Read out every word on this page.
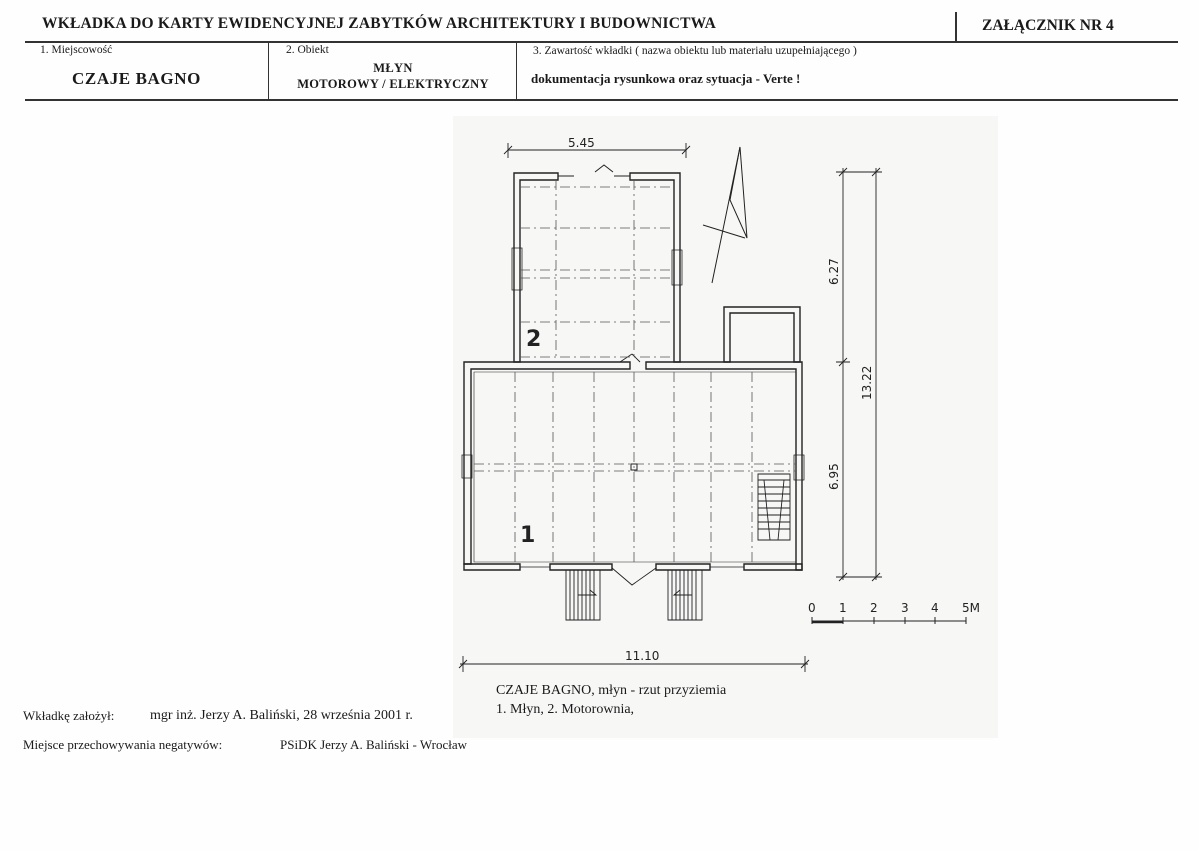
WKŁADKA DO KARTY EWIDENCYJNEJ ZABYTKÓW ARCHITEKTURY I BUDOWNICTWA	ZAŁĄCZNIK NR 4
1. Miejscowość
CZAJE BAGNO
2. Obiekt
MŁYN
MOTOROWY / ELEKTRYCZNY
3. Zawartość wkładki ( nazwa obiektu lub materiału uzupełniającego )
dokumentacja rysunkowa oraz sytuacja - Verte !
5.45
11.10
6.27
6.95
13.22
0 1 2 3 4 5M
2
1
CZAJE BAGNO, młyn - rzut przyziemia
1. Młyn, 2. Motorownia,
Wkładkę założył:	mgr inż. Jerzy A. Baliński, 28 września 2001 r.
Miejsce przechowywania negatywów:	PSiDK Jerzy A. Baliński - Wrocław
